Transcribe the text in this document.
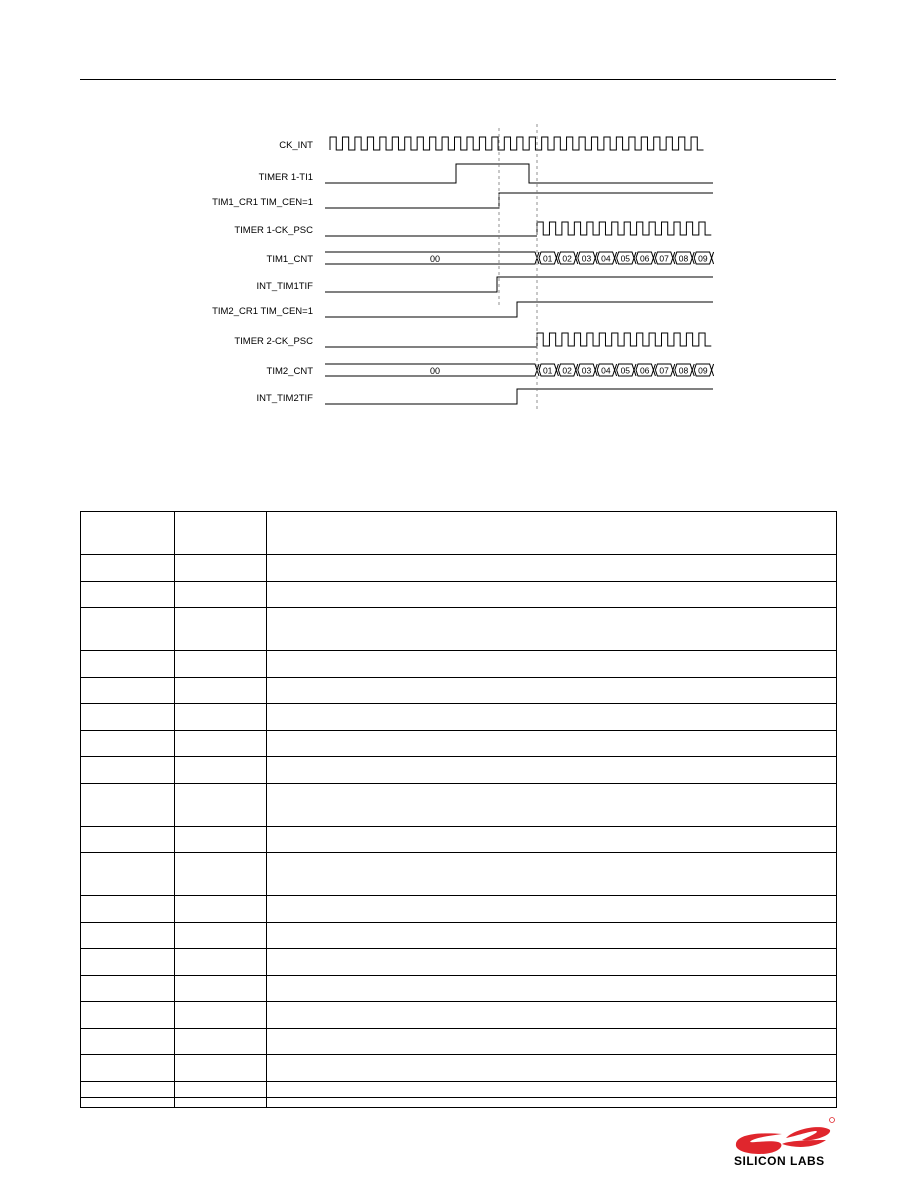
CK_INT
TIMER 1-TI1
TIM1_CR1 TIM_CEN=1
TIMER 1-CK_PSC
TIM1_CNT
INT_TIM1TIF
TIM2_CR1 TIM_CEN=1
TIMER 2-CK_PSC
TIM2_CNT
INT_TIM2TIF
00	01 02 03 04 05 06 07 08 09
00	01 02 03 04 05 06 07 08 09

SILICON LABS
